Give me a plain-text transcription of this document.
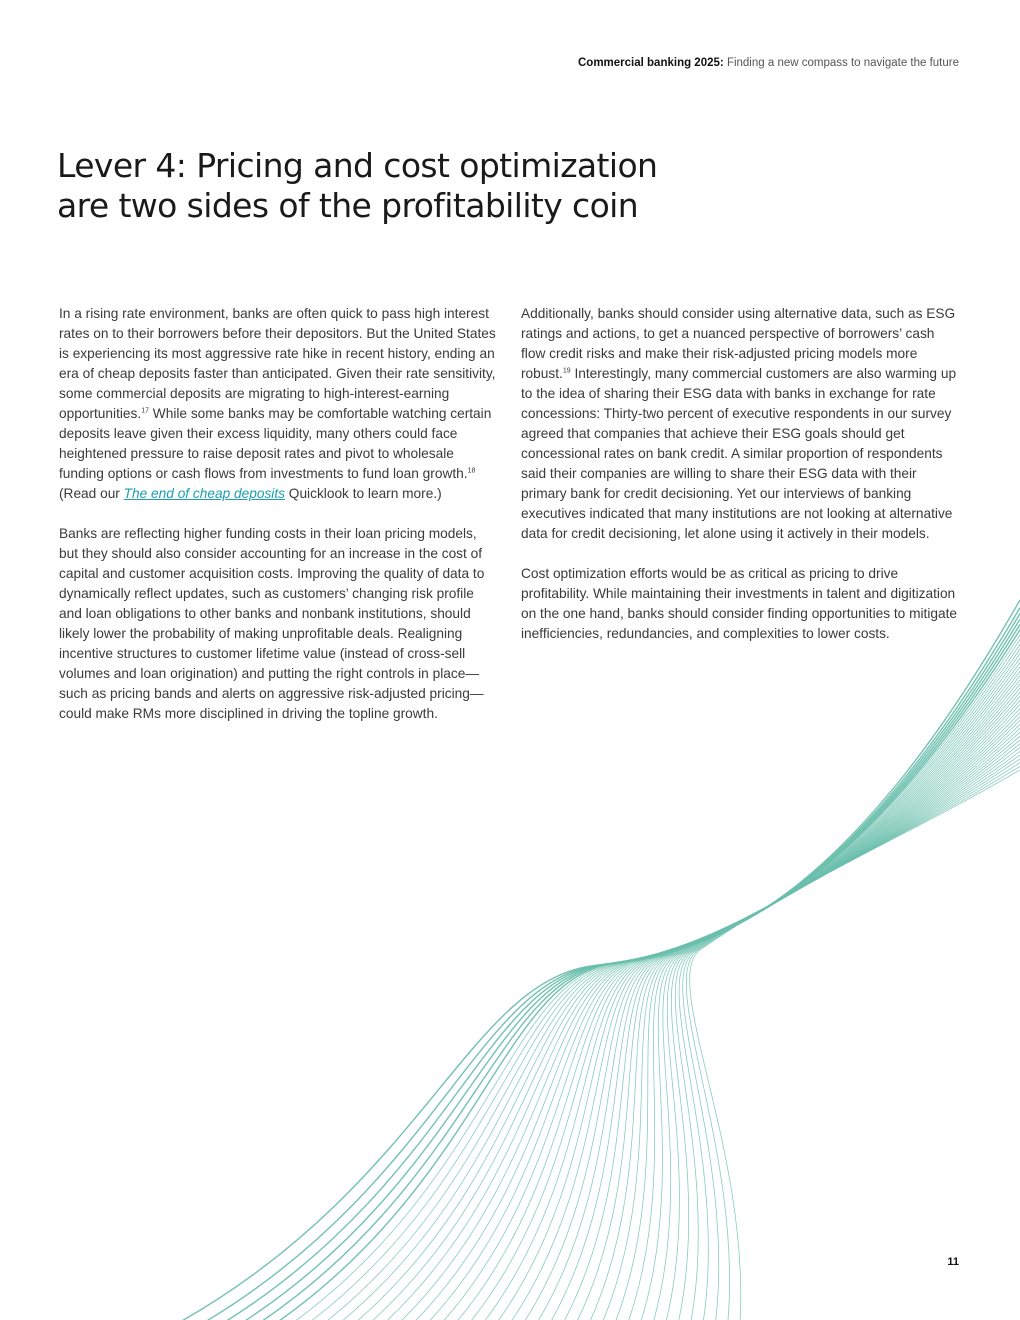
Commercial banking 2025: Finding a new compass to navigate the future
Lever 4: Pricing and cost optimization are two sides of the profitability coin

In a rising rate environment, banks are often quick to pass high interest rates on to their borrowers before their depositors. But the United States is experiencing its most aggressive rate hike in recent history, ending an era of cheap deposits faster than anticipated. Given their rate sensitivity, some commercial deposits are migrating to high-interest-earning opportunities.$^{17}$ While some banks may be comfortable watching certain deposits leave given their excess liquidity, many others could face heightened pressure to raise deposit rates and pivot to wholesale funding options or cash flows from investments to fund loan growth.$^{18}$ (Read our The end of cheap deposits Quicklook to learn more.)

Banks are reflecting higher funding costs in their loan pricing models, but they should also consider accounting for an increase in the cost of capital and customer acquisition costs. Improving the quality of data to dynamically reflect updates, such as customers’ changing risk profile and loan obligations to other banks and nonbank institutions, should likely lower the probability of making unprofitable deals. Realigning incentive structures to customer lifetime value (instead of cross-sell volumes and loan origination) and putting the right controls in place—such as pricing bands and alerts on aggressive risk-adjusted pricing—could make RMs more disciplined in driving the topline growth.

Additionally, banks should consider using alternative data, such as ESG ratings and actions, to get a nuanced perspective of borrowers’ cash flow credit risks and make their risk-adjusted pricing models more robust.$^{19}$ Interestingly, many commercial customers are also warming up to the idea of sharing their ESG data with banks in exchange for rate concessions: Thirty-two percent of executive respondents in our survey agreed that companies that achieve their ESG goals should get concessional rates on bank credit. A similar proportion of respondents said their companies are willing to share their ESG data with their primary bank for credit decisioning. Yet our interviews of banking executives indicated that many institutions are not looking at alternative data for credit decisioning, let alone using it actively in their models.

Cost optimization efforts would be as critical as pricing to drive profitability. While maintaining their investments in talent and digitization on the one hand, banks should consider finding opportunities to mitigate inefficiencies, redundancies, and complexities to lower costs.

11
